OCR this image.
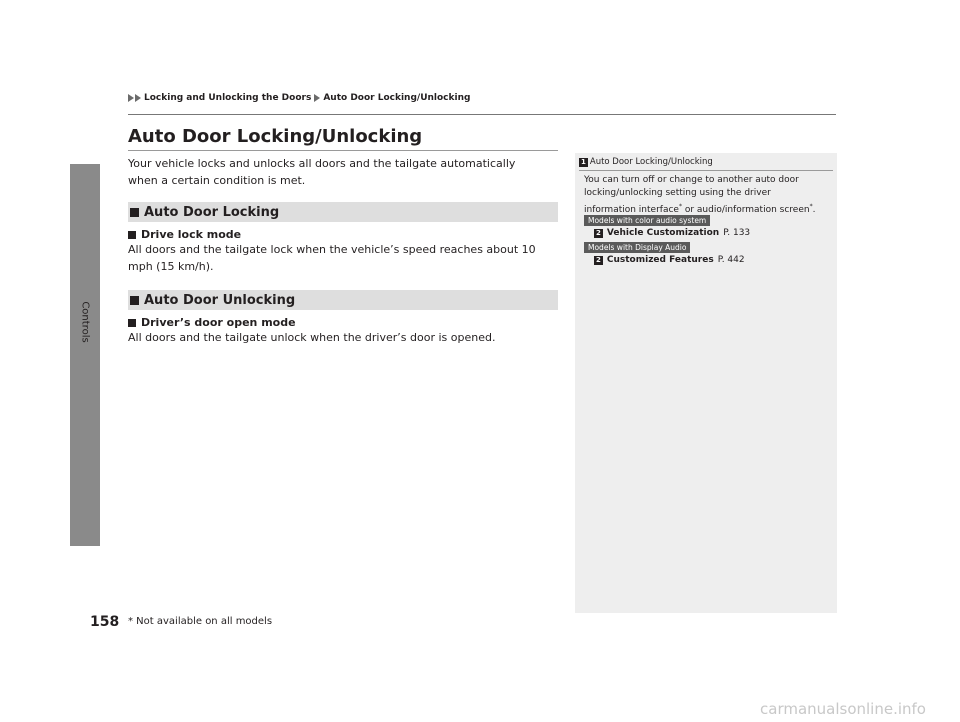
Controls
Locking and Unlocking the Doors Auto Door Locking/Unlocking
Auto Door Locking/Unlocking

Your vehicle locks and unlocks all doors and the tailgate automatically when a certain condition is met.

Auto Door Locking
Drive lock mode

All doors and the tailgate lock when the vehicle’s speed reaches about 10 mph (15 km/h).

Auto Door Unlocking
Driver’s door open mode

All doors and the tailgate unlock when the driver’s door is opened.

1 Auto Door Locking/Unlocking

You can turn off or change to another auto door locking/unlocking setting using the driver information interface* or audio/information screen*.

Models with color audio system
2 Vehicle Customization P. 133
Models with Display Audio
2 Customized Features P. 442
158 * Not available on all models
carmanualsonline.info
